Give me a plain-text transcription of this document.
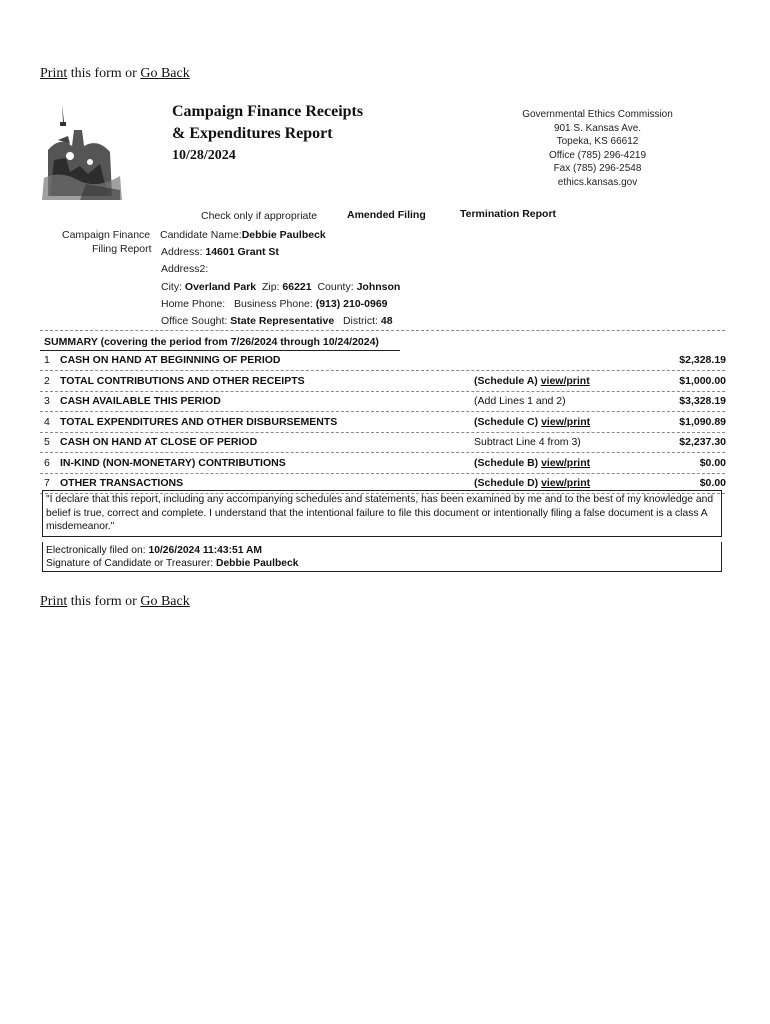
Print this form or Go Back
Campaign Finance Receipts
& Expenditures Report
10/28/2024
Governmental Ethics Commission
901 S. Kansas Ave.
Topeka, KS 66612
Office (785) 296-4219
Fax (785) 296-2548
ethics.kansas.gov
Check only if appropriate	Amended Filing	Termination Report
Campaign Finance
Filing Report
Candidate Name:Debbie Paulbeck
Address: 14601 Grant St
Address2:
City: Overland Park Zip: 66221 County: Johnson
Home Phone: Business Phone: (913) 210-0969
Office Sought: State Representative District: 48
SUMMARY (covering the period from 7/26/2024 through 10/24/2024)
1 CASH ON HAND AT BEGINNING OF PERIOD	$2,328.19
2 TOTAL CONTRIBUTIONS AND OTHER RECEIPTS	(Schedule A) view/print	$1,000.00
3 CASH AVAILABLE THIS PERIOD	(Add Lines 1 and 2)	$3,328.19
4 TOTAL EXPENDITURES AND OTHER DISBURSEMENTS	(Schedule C) view/print	$1,090.89
5 CASH ON HAND AT CLOSE OF PERIOD	Subtract Line 4 from 3)	$2,237.30
6 IN-KIND (NON-MONETARY) CONTRIBUTIONS	(Schedule B) view/print	$0.00
7 OTHER TRANSACTIONS	(Schedule D) view/print	$0.00
"I declare that this report, including any accompanying schedules and statements, has been examined by me and to the best of my knowledge and belief is true, correct and complete. I understand that the intentional failure to file this document or intentionally filing a false document is a class A misdemeanor."
Electronically filed on: 10/26/2024 11:43:51 AM
Signature of Candidate or Treasurer: Debbie Paulbeck
Print this form or Go Back
